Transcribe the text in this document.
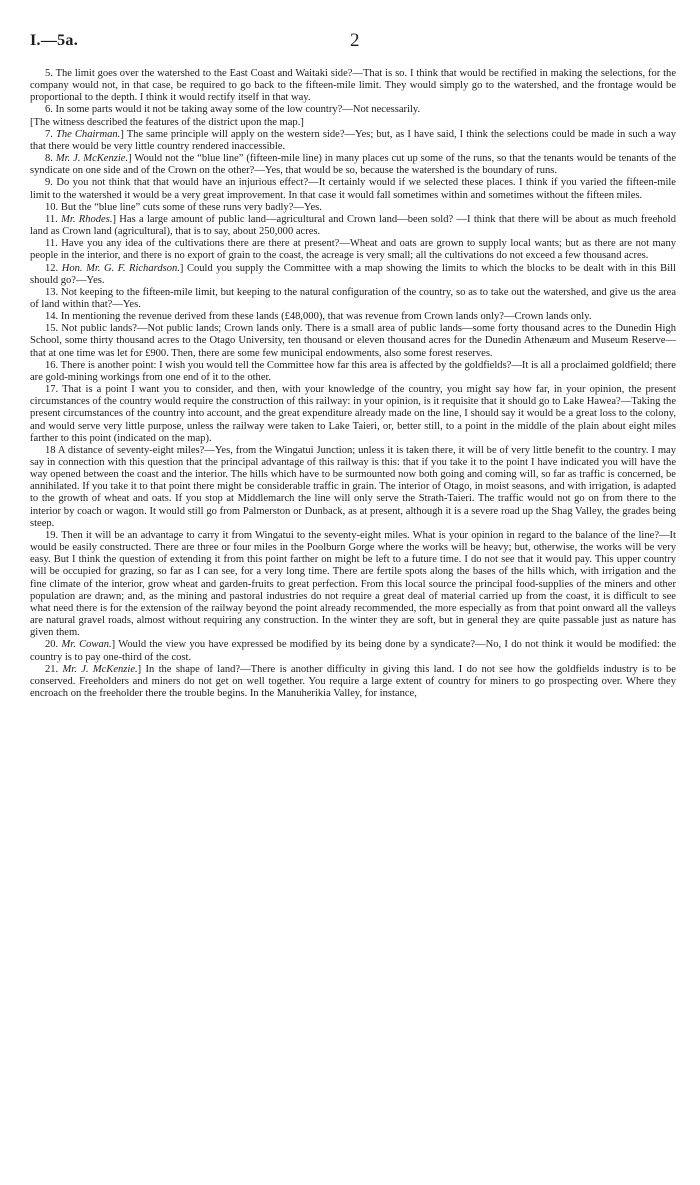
I.—5a.	2

5. The limit goes over the watershed to the East Coast and Waitaki side?—That is so. I think that would be rectified in making the selections, for the company would not, in that case, be required to go back to the fifteen-mile limit. They would simply go to the watershed, and the frontage would be proportional to the depth. I think it would rectify itself in that way.

6. In some parts would it not be taking away some of the low country?—Not necessarily.

[The witness described the features of the district upon the map.]

7. The Chairman.] The same principle will apply on the western side?—Yes; but, as I have said, I think the selections could be made in such a way that there would be very little country rendered inaccessible.

8. Mr. J. McKenzie.] Would not the “blue line” (fifteen-mile line) in many places cut up some of the runs, so that the tenants would be tenants of the syndicate on one side and of the Crown on the other?—Yes, that would be so, because the watershed is the boundary of runs.

9. Do you not think that that would have an injurious effect?—It certainly would if we selected these places. I think if you varied the fifteen-mile limit to the watershed it would be a very great improvement. In that case it would fall sometimes within and sometimes without the fifteen miles.

10. But the “blue line” cuts some of these runs very badly?—Yes.

11. Mr. Rhodes.] Has a large amount of public land—agricultural and Crown land—been sold? —I think that there will be about as much freehold land as Crown land (agricultural), that is to say, about 250,000 acres.

11. Have you any idea of the cultivations there are there at present?—Wheat and oats are grown to supply local wants; but as there are not many people in the interior, and there is no export of grain to the coast, the acreage is very small; all the cultivations do not exceed a few thousand acres.

12. Hon. Mr. G. F. Richardson.] Could you supply the Committee with a map showing the limits to which the blocks to be dealt with in this Bill should go?—Yes.

13. Not keeping to the fifteen-mile limit, but keeping to the natural configuration of the country, so as to take out the watershed, and give us the area of land within that?—Yes.

14. In mentioning the revenue derived from these lands (£48,000), that was revenue from Crown lands only?—Crown lands only.

15. Not public lands?—Not public lands; Crown lands only. There is a small area of public lands—some forty thousand acres to the Dunedin High School, some thirty thousand acres to the Otago University, ten thousand or eleven thousand acres for the Dunedin Athenæum and Museum Reserve—that at one time was let for £900. Then, there are some few municipal endowments, also some forest reserves.

16. There is another point: I wish you would tell the Committee how far this area is affected by the goldfields?—It is all a proclaimed goldfield; there are gold-mining workings from one end of it to the other.

17. That is a point I want you to consider, and then, with your knowledge of the country, you might say how far, in your opinion, the present circumstances of the country would require the construction of this railway: in your opinion, is it requisite that it should go to Lake Hawea?—Taking the present circumstances of the country into account, and the great expenditure already made on the line, I should say it would be a great loss to the colony, and would serve very little purpose, unless the railway were taken to Lake Taieri, or, better still, to a point in the middle of the plain about eight miles farther to this point (indicated on the map).

18 A distance of seventy-eight miles?—Yes, from the Wingatui Junction; unless it is taken there, it will be of very little benefit to the country. I may say in connection with this question that the principal advantage of this railway is this: that if you take it to the point I have indicated you will have the way opened between the coast and the interior. The hills which have to be surmounted now both going and coming will, so far as traffic is concerned, be annihilated. If you take it to that point there might be considerable traffic in grain. The interior of Otago, in moist seasons, and with irrigation, is adapted to the growth of wheat and oats. If you stop at Middlemarch the line will only serve the Strath-Taieri. The traffic would not go on from there to the interior by coach or wagon. It would still go from Palmerston or Dunback, as at present, although it is a severe road up the Shag Valley, the grades being steep.

19. Then it will be an advantage to carry it from Wingatui to the seventy-eight miles. What is your opinion in regard to the balance of the line?—It would be easily constructed. There are three or four miles in the Poolburn Gorge where the works will be heavy; but, otherwise, the works will be very easy. But I think the question of extending it from this point farther on might be left to a future time. I do not see that it would pay. This upper country will be occupied for grazing, so far as I can see, for a very long time. There are fertile spots along the bases of the hills which, with irrigation and the fine climate of the interior, grow wheat and garden-fruits to great perfection. From this local source the principal food-supplies of the miners and other population are drawn; and, as the mining and pastoral industries do not require a great deal of material carried up from the coast, it is difficult to see what need there is for the extension of the railway beyond the point already recommended, the more especially as from that point onward all the valleys are natural gravel roads, almost without requiring any construction. In the winter they are soft, but in general they are quite passable just as nature has given them.

20. Mr. Cowan.] Would the view you have expressed be modified by its being done by a syndicate?—No, I do not think it would be modified: the country is to pay one-third of the cost.

21. Mr. J. McKenzie.] In the shape of land?—There is another difficulty in giving this land. I do not see how the goldfields industry is to be conserved. Freeholders and miners do not get on well together. You require a large extent of country for miners to go prospecting over. Where they encroach on the freeholder there the trouble begins. In the Manuherikia Valley, for instance,
